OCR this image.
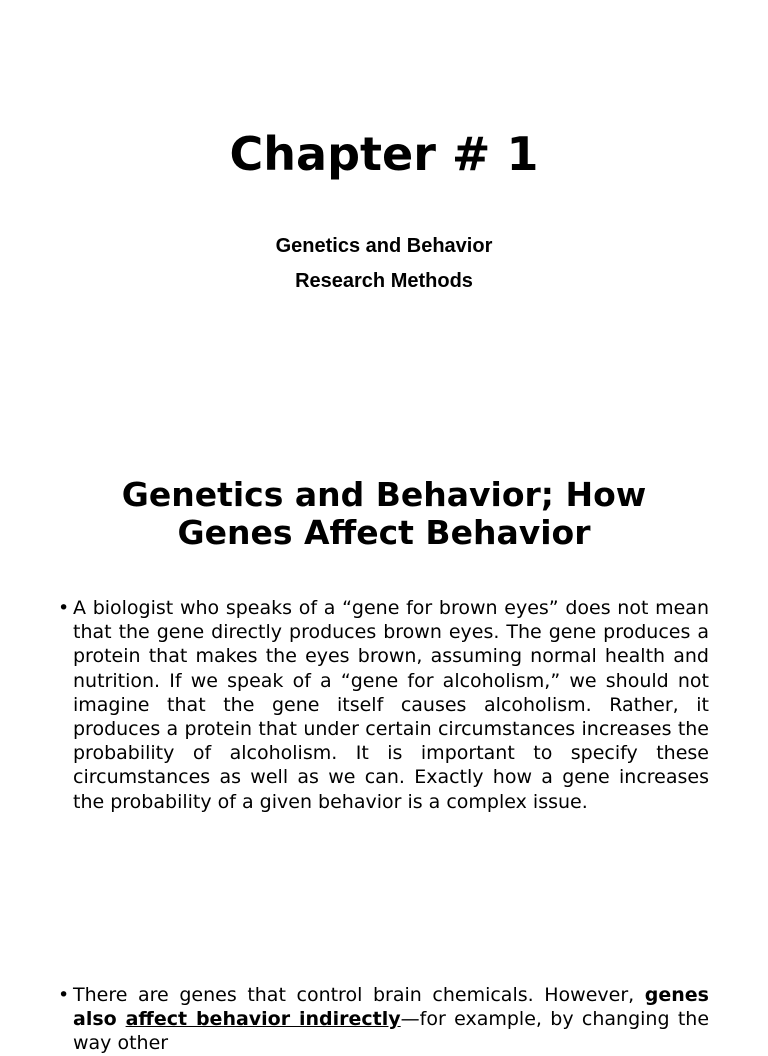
Chapter # 1
Genetics and Behavior
Research Methods
Genetics and Behavior; How Genes Affect Behavior
• A biologist who speaks of a “gene for brown eyes” does not mean that the gene directly produces brown eyes. The gene produces a protein that makes the eyes brown, assuming normal health and nutrition. If we speak of a “gene for alcoholism,” we should not imagine that the gene itself causes alcoholism. Rather, it produces a protein that under certain circumstances increases the probability of alcoholism. It is important to specify these circumstances as well as we can. Exactly how a gene increases the probability of a given behavior is a complex issue.
• There are genes that control brain chemicals. However, genes also affect behavior indirectly—for example, by changing the way other
